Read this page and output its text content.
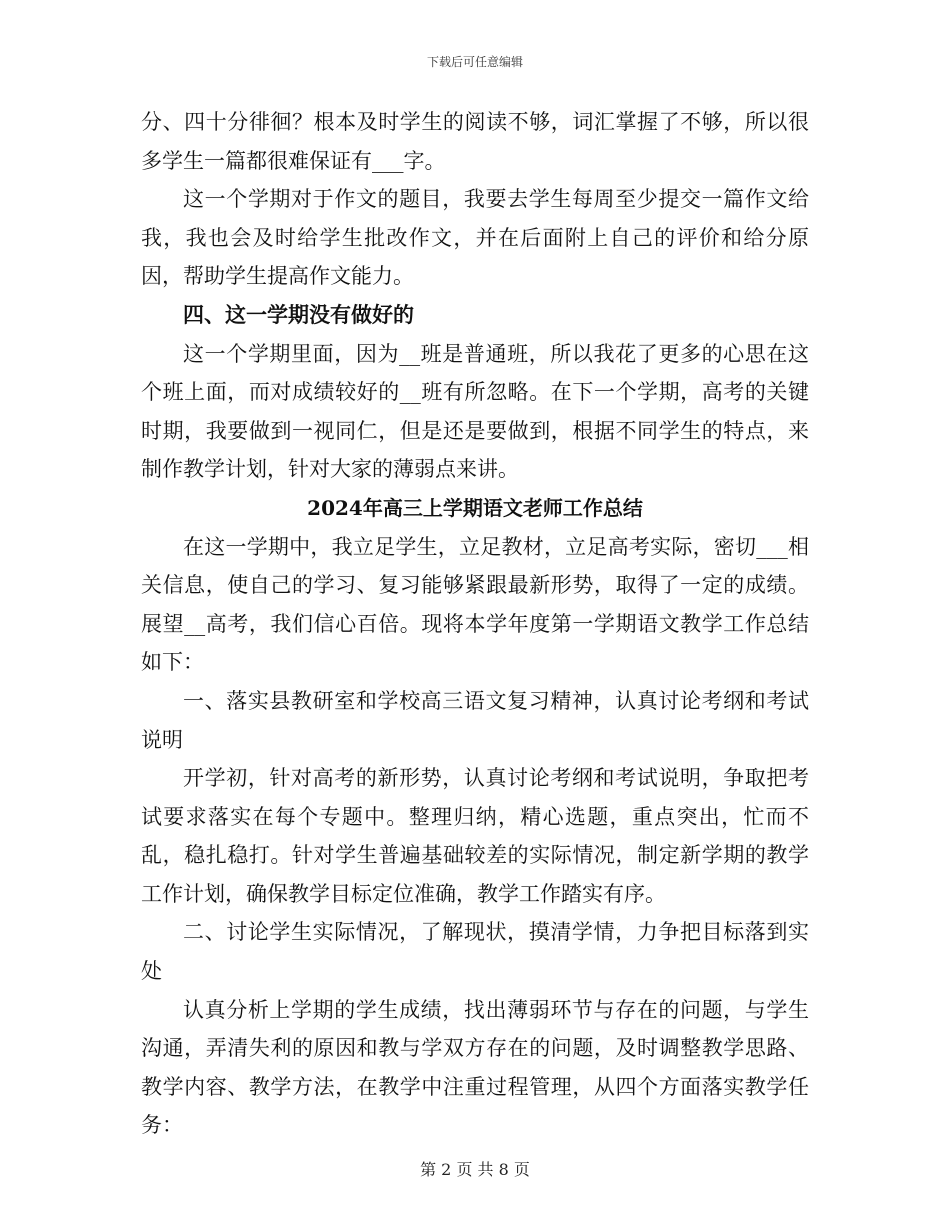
下载后可任意编辑

分、四十分徘徊？根本及时学生的阅读不够，词汇掌握了不够，所以很多学生一篇都很难保证有___字。

这一个学期对于作文的题目，我要去学生每周至少提交一篇作文给我，我也会及时给学生批改作文，并在后面附上自己的评价和给分原因，帮助学生提高作文能力。

四、这一学期没有做好的

这一个学期里面，因为__班是普通班，所以我花了更多的心思在这个班上面，而对成绩较好的__班有所忽略。在下一个学期，高考的关键时期，我要做到一视同仁，但是还是要做到，根据不同学生的特点，来制作教学计划，针对大家的薄弱点来讲。

2024年高三上学期语文老师工作总结

在这一学期中，我立足学生，立足教材，立足高考实际，密切___相关信息，使自己的学习、复习能够紧跟最新形势，取得了一定的成绩。展望__高考，我们信心百倍。现将本学年度第一学期语文教学工作总结如下：

一、落实县教研室和学校高三语文复习精神，认真讨论考纲和考试说明

开学初，针对高考的新形势，认真讨论考纲和考试说明，争取把考试要求落实在每个专题中。整理归纳，精心选题，重点突出，忙而不乱，稳扎稳打。针对学生普遍基础较差的实际情况，制定新学期的教学工作计划，确保教学目标定位准确，教学工作踏实有序。

二、讨论学生实际情况，了解现状，摸清学情，力争把目标落到实处

认真分析上学期的学生成绩，找出薄弱环节与存在的问题，与学生沟通，弄清失利的原因和教与学双方存在的问题，及时调整教学思路、教学内容、教学方法，在教学中注重过程管理，从四个方面落实教学任务：

第 2 页 共 8 页
